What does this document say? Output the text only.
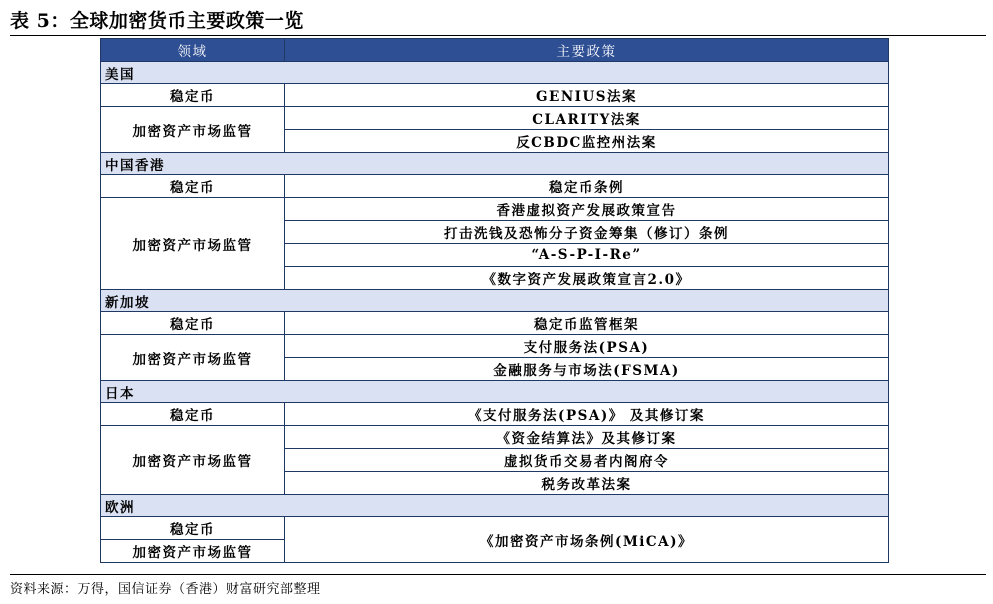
表 5：全球加密货币主要政策一览
领域	主要政策
美国	
稳定币	GENIUS法案
加密资产市场监管	CLARITY法案
	反CBDC监控州法案
中国香港	
稳定币	稳定币条例
加密资产市场监管	香港虚拟资产发展政策宣告
	打击洗钱及恐怖分子资金筹集（修订）条例
	“A-S-P-I-Re”
	《数字资产发展政策宣言2.0》
新加坡	
稳定币	稳定币监管框架
加密资产市场监管	支付服务法(PSA)
	金融服务与市场法(FSMA)
日本	
稳定币	《支付服务法(PSA)》 及其修订案
加密资产市场监管	《资金结算法》及其修订案
	虚拟货币交易者内阁府令
	税务改革法案
欧洲	
稳定币	《加密资产市场条例(MiCA)》
加密资产市场监管	
资料来源：万得，国信证券（香港）财富研究部整理
